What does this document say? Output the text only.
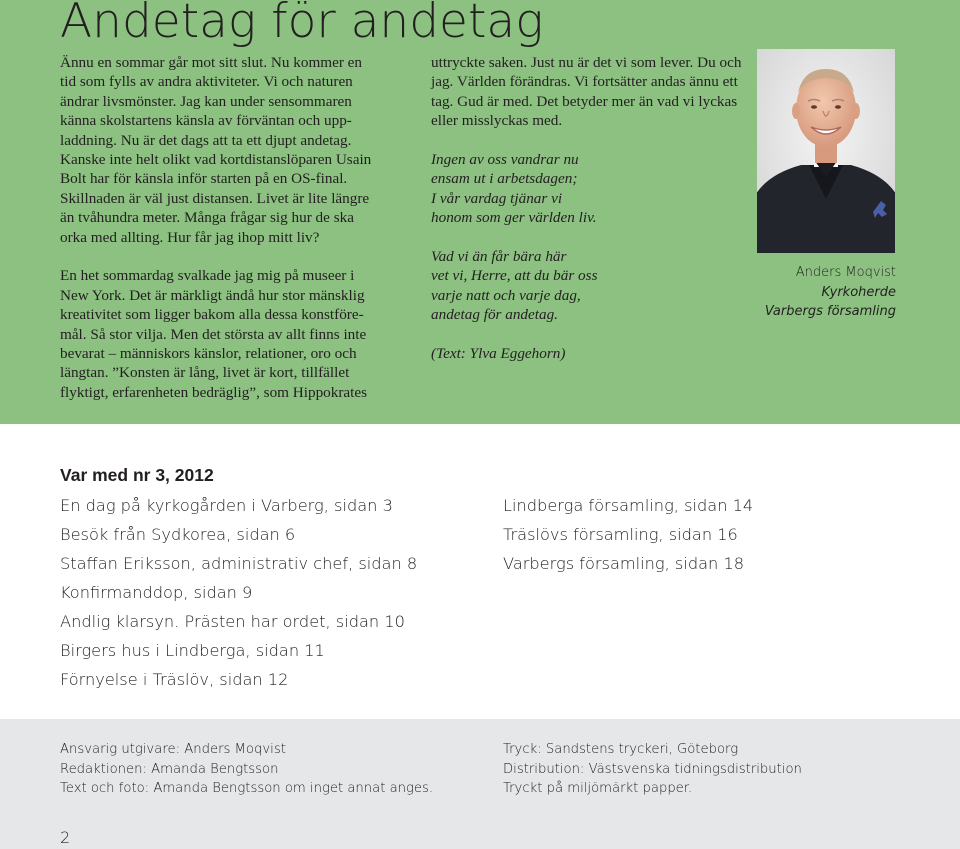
Andetag för andetag

Ännu en sommar går mot sitt slut. Nu kommer en
tid som fylls av andra aktiviteter. Vi och naturen
ändrar livsmönster. Jag kan under sensommaren
känna skolstartens känsla av förväntan och upp-
laddning. Nu är det dags att ta ett djupt andetag.
Kanske inte helt olikt vad kortdistanslöparen Usain
Bolt har för känsla inför starten på en OS-final.
Skillnaden är väl just distansen. Livet är lite längre
än tvåhundra meter. Många frågar sig hur de ska
orka med allting. Hur får jag ihop mitt liv?

En het sommardag svalkade jag mig på museer i
New York. Det är märkligt ändå hur stor mänsklig
kreativitet som ligger bakom alla dessa konstföre-
mål. Så stor vilja. Men det största av allt finns inte
bevarat – människors känslor, relationer, oro och
längtan. ”Konsten är lång, livet är kort, tillfället
flyktigt, erfarenheten bedräglig”, som Hippokrates

uttryckte saken. Just nu är det vi som lever. Du och
jag. Världen förändras. Vi fortsätter andas ännu ett
tag. Gud är med. Det betyder mer än vad vi lyckas
eller misslyckas med.

Ingen av oss vandrar nu
ensam ut i arbetsdagen;
I vår vardag tjänar vi
honom som ger världen liv.

Vad vi än får bära här
vet vi, Herre, att du bär oss
varje natt och varje dag,
andetag för andetag.

(Text: Ylva Eggehorn)

Anders Moqvist
Kyrkoherde
Varbergs församling
Var med nr 3, 2012
En dag på kyrkogården i Varberg, sidan 3
Besök från Sydkorea, sidan 6
Staffan Eriksson, administrativ chef, sidan 8
Konfirmanddop, sidan 9
Andlig klarsyn. Prästen har ordet, sidan 10
Birgers hus i Lindberga, sidan 11
Förnyelse i Träslöv, sidan 12
Lindberga församling, sidan 14
Träslövs församling, sidan 16
Varbergs församling, sidan 18
Ansvarig utgivare: Anders Moqvist
Redaktionen: Amanda Bengtsson
Text och foto: Amanda Bengtsson om inget annat anges.
Tryck: Sandstens tryckeri, Göteborg
Distribution: Västsvenska tidningsdistribution
Tryckt på miljömärkt papper.

2
